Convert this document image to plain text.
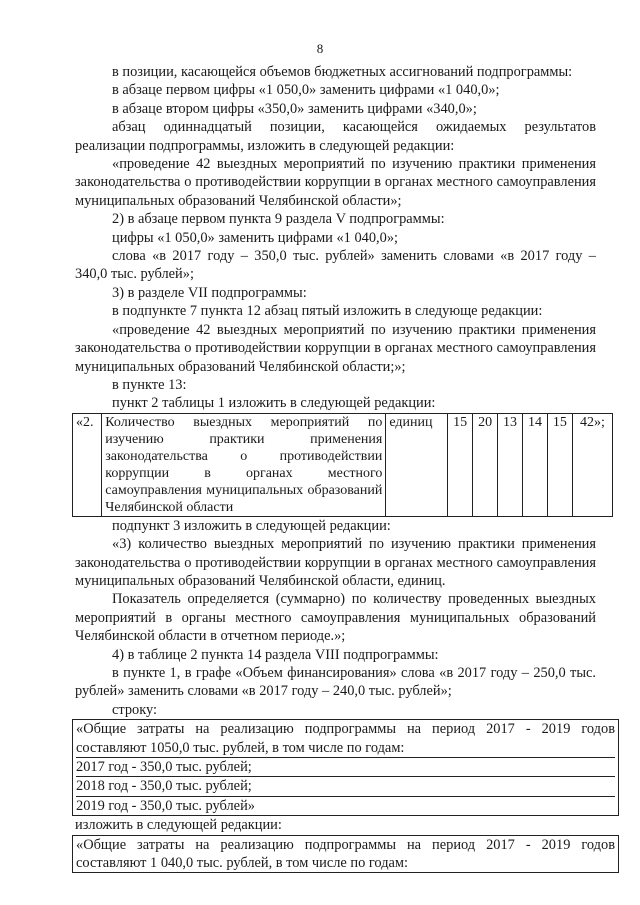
8

в позиции, касающейся объемов бюджетных ассигнований подпрограммы:

в абзаце первом цифры «1 050,0» заменить цифрами «1 040,0»;

в абзаце втором цифры «350,0» заменить цифрами «340,0»;

абзац одиннадцатый позиции, касающейся ожидаемых результатов реализации подпрограммы, изложить в следующей редакции:

«проведение 42 выездных мероприятий по изучению практики применения законодательства о противодействии коррупции в органах местного самоуправления муниципальных образований Челябинской области»;

2) в абзаце первом пункта 9 раздела V подпрограммы:

цифры «1 050,0» заменить цифрами «1 040,0»;

слова «в 2017 году – 350,0 тыс. рублей» заменить словами «в 2017 году – 340,0 тыс. рублей»;

3) в разделе VII подпрограммы:

в подпункте 7 пункта 12 абзац пятый изложить в следующе редакции:

«проведение 42 выездных мероприятий по изучению практики применения законодательства о противодействии коррупции в органах местного самоуправления муниципальных образований Челябинской области;»;

в пункте 13:

пункт 2 таблицы 1 изложить в следующей редакции:

«2.	Количество выездных мероприятий по изучению практики применения законодательства о противодействии коррупции в органах местного самоуправления муниципальных образований Челябинской области	единиц	15	20	13	14	15	42»;

подпункт 3 изложить в следующей редакции:

«3) количество выездных мероприятий по изучению практики применения законодательства о противодействии коррупции в органах местного самоуправления муниципальных образований Челябинской области, единиц.

Показатель определяется (суммарно) по количеству проведенных выездных мероприятий в органы местного самоуправления муниципальных образований Челябинской области в отчетном периоде.»;

4) в таблице 2 пункта 14 раздела VIII подпрограммы:

в пункте 1, в графе «Объем финансирования» слова «в 2017 году – 250,0 тыс. рублей» заменить словами «в 2017 году – 240,0 тыс. рублей»;

строку:

«Общие затраты на реализацию подпрограммы на период 2017 - 2019 годов составляют 1050,0 тыс. рублей, в том числе по годам:

2017 год - 350,0 тыс. рублей;
2018 год - 350,0 тыс. рублей;
2019 год - 350,0 тыс. рублей»

изложить в следующей редакции:

«Общие затраты на реализацию подпрограммы на период 2017 - 2019 годов составляют 1 040,0 тыс. рублей, в том числе по годам:
